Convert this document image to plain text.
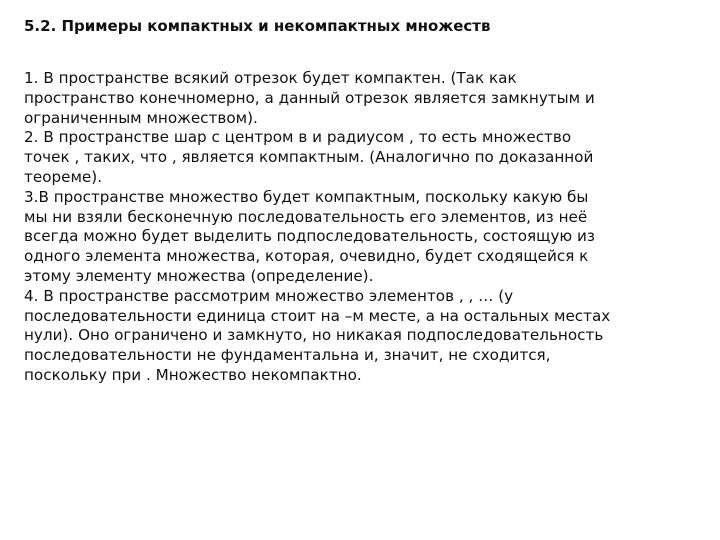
5.2. Примеры компактных и некомпактных множеств
1. В пространстве всякий отрезок будет компактен. (Так как
пространство конечномерно, а данный отрезок является замкнутым и
ограниченным множеством).
2. В пространстве шар с центром в и радиусом , то есть множество
точек , таких, что , является компактным. (Аналогично по доказанной
теореме).
3.В пространстве множество будет компактным, поскольку какую бы
мы ни взяли бесконечную последовательность его элементов, из неё
всегда можно будет выделить подпоследовательность, состоящую из
одного элемента множества, которая, очевидно, будет сходящейся к
этому элементу множества (определение).
4. В пространстве рассмотрим множество элементов , , … (у
последовательности единица стоит на –м месте, а на остальных местах
нули). Оно ограничено и замкнуто, но никакая подпоследовательность
последовательности не фундаментальна и, значит, не сходится,
поскольку при . Множество некомпактно.
